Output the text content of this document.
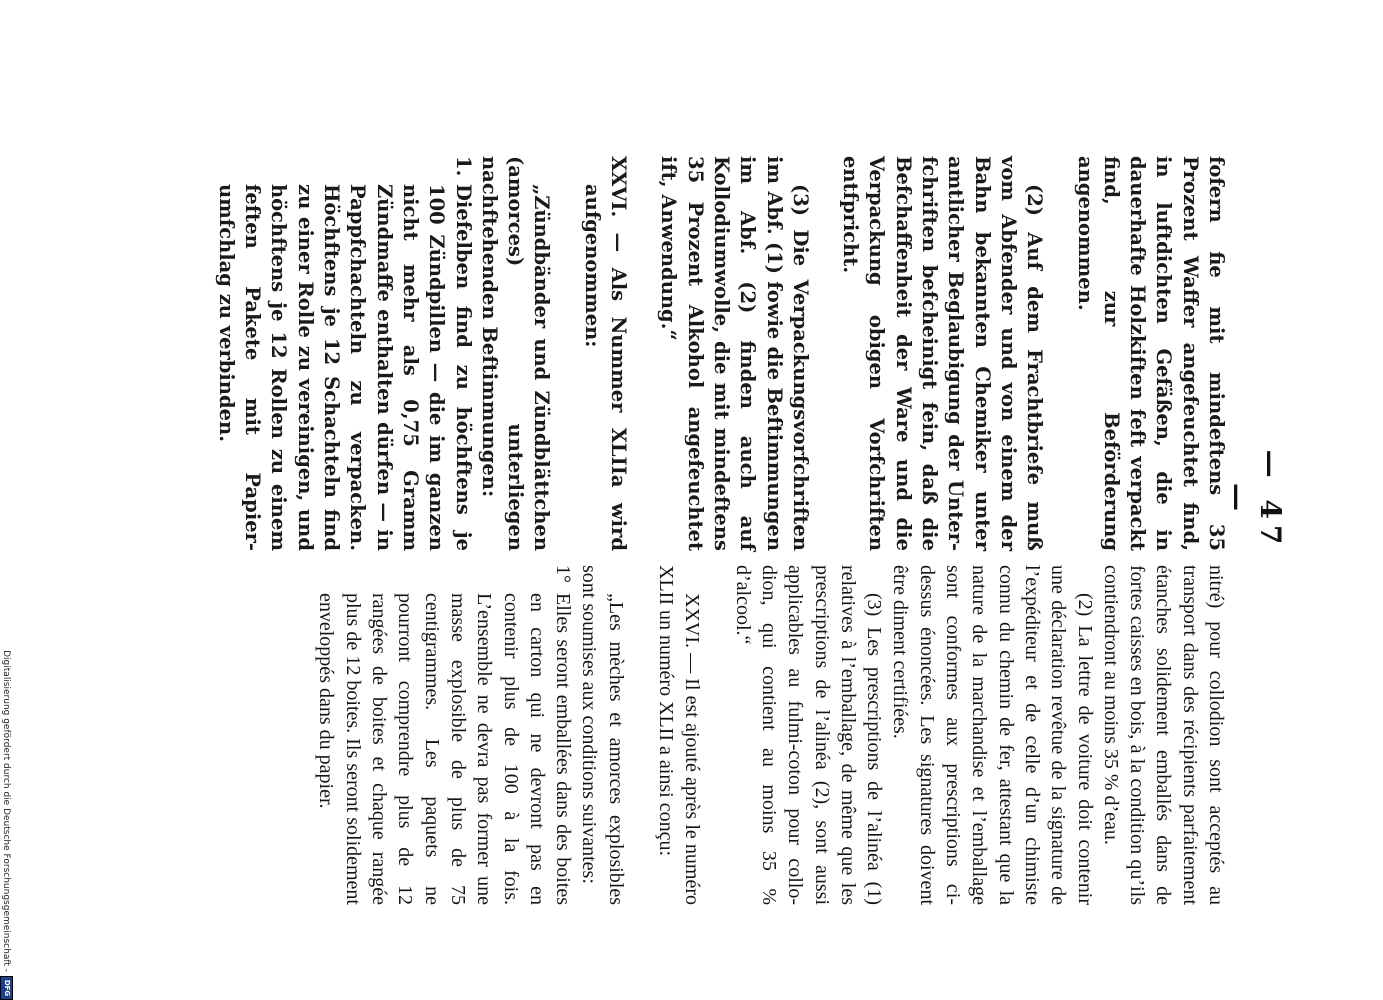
— 47 —

fofern fie mit mindeftens 35 Prozent Waffer angefeuchtet find, in luftdichten Gefäßen, die in dauerhafte Holzkiften feft verpackt find, zur Beförderung angenommen.

(2) Auf dem Frachtbriefe muß vom Abfender und von einem der Bahn bekannten Chemiker unter amtlicher Beglaubigung der Unterfchriften befcheinigt fein, daß die Befchaffenheit der Ware und die Verpackung obigen Vorfchriften entfpricht.

(3) Die Verpackungsvorfchriften im Abf. (1) fowie die Beftimmungen im Abf. (2) finden auch auf Kollodiumwolle, die mit mindeftens 35 Prozent Alkohol angefeuchtet ift, Anwendung.“

XXVI. — Als Nummer XLIIa wird aufgenommen:

„Zündbänder und Zündblättchen (amorces) unterliegen nachftehenden Beftimmungen:

1.

Diefelben find zu höchftens je 100 Zündpillen — die im ganzen nicht mehr als 0,75 Gramm Zündmaffe enthalten dürfen — in Pappfchachteln zu verpacken. Höchftens je 12 Schachteln find zu einer Rolle zu vereinigen, und höchftens je 12 Rollen zu einem feften Pakete mit Papierumfchlag zu verbinden.

nitré) pour collodion sont acceptés au transport dans des récipients parfaitement étanches solidement emballés dans de fortes caisses en bois, à la condition qu’ils contiendront au moins 35 % d’eau.

(2) La lettre de voiture doit contenir une déclaration revêtue de la signature de l’expéditeur et de celle d’un chimiste connu du chemin de fer, attestant que la nature de la marchandise et l’emballage sont conformes aux prescriptions ci-dessus énoncées. Les signatures doivent être diment certifiées.

(3) Les prescriptions de l’alinéa (1) relatives à l’emballage, de même que les prescriptions de l’alinéa (2), sont aussi applicables au fulmi-coton pour collodion, qui contient au moins 35 % d’alcool.“

XXVI. — Il est ajouté après le numéro XLII un numéro XLII a ainsi conçu:

„Les mèches et amorces explosibles sont soumises aux conditions suivantes:

1°

Elles seront emballées dans des boites en carton qui ne devront pas en contenir plus de 100 à la fois. L’ensemble ne devra pas former une masse explosible de plus de 75 centigrammes. Les paquets ne pourront comprendre plus de 12 rangées de boites et chaque rangée plus de 12 boites. Ils seront solidement enveloppés dans du papier.

Digitalisierung gefördert durch die Deutsche Forschungsgemeinschaft -
DFG
